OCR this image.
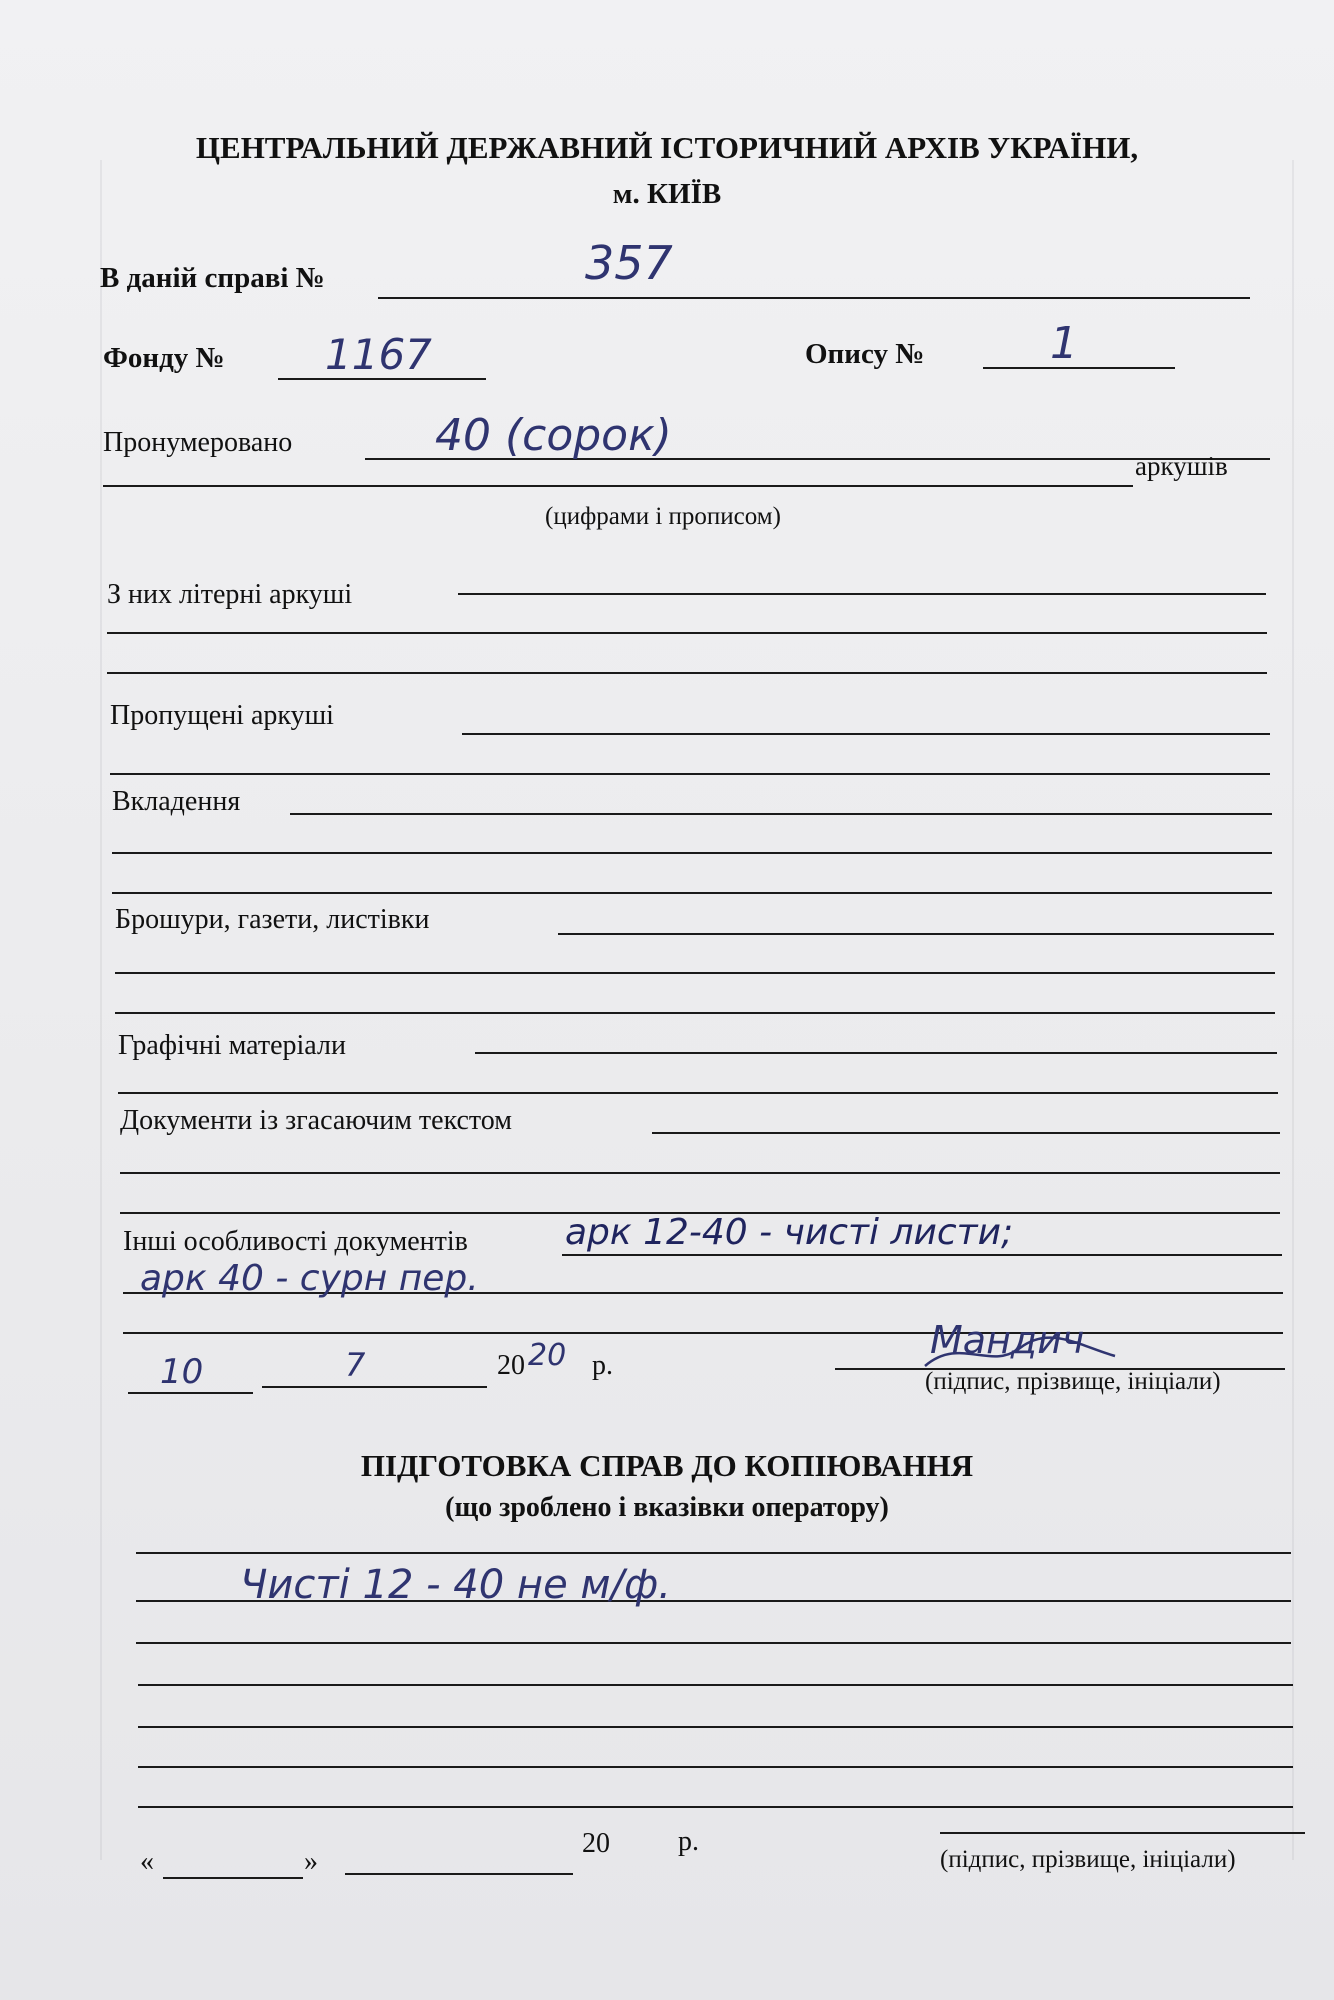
ЦЕНТРАЛЬНИЙ ДЕРЖАВНИЙ ІСТОРИЧНИЙ АРХІВ УКРАЇНИ,
м. КИЇВ
В даній справі №	357
Фонду № 1167	Опису №	1
Пронумеровано	40 (сорок)
аркушів
(цифрами і прописом)
З них літерні аркуші
Пропущені аркуші
Вкладення
Брошури, газети, листівки
Графічні матеріали
Документи із згасаючим текстом
Інші особливості документів	арк 12-40 - чисті листи;
арк 40 - сурн пер.
10	7	20 20 р.
Мандич
(підпис, прізвище, ініціали)
ПІДГОТОВКА СПРАВ ДО КОПІЮВАННЯ
(що зроблено і вказівки оператору)
Чисті 12 - 40 не м/ф.
«	»
20 р.
(підпис, прізвище, ініціали)
